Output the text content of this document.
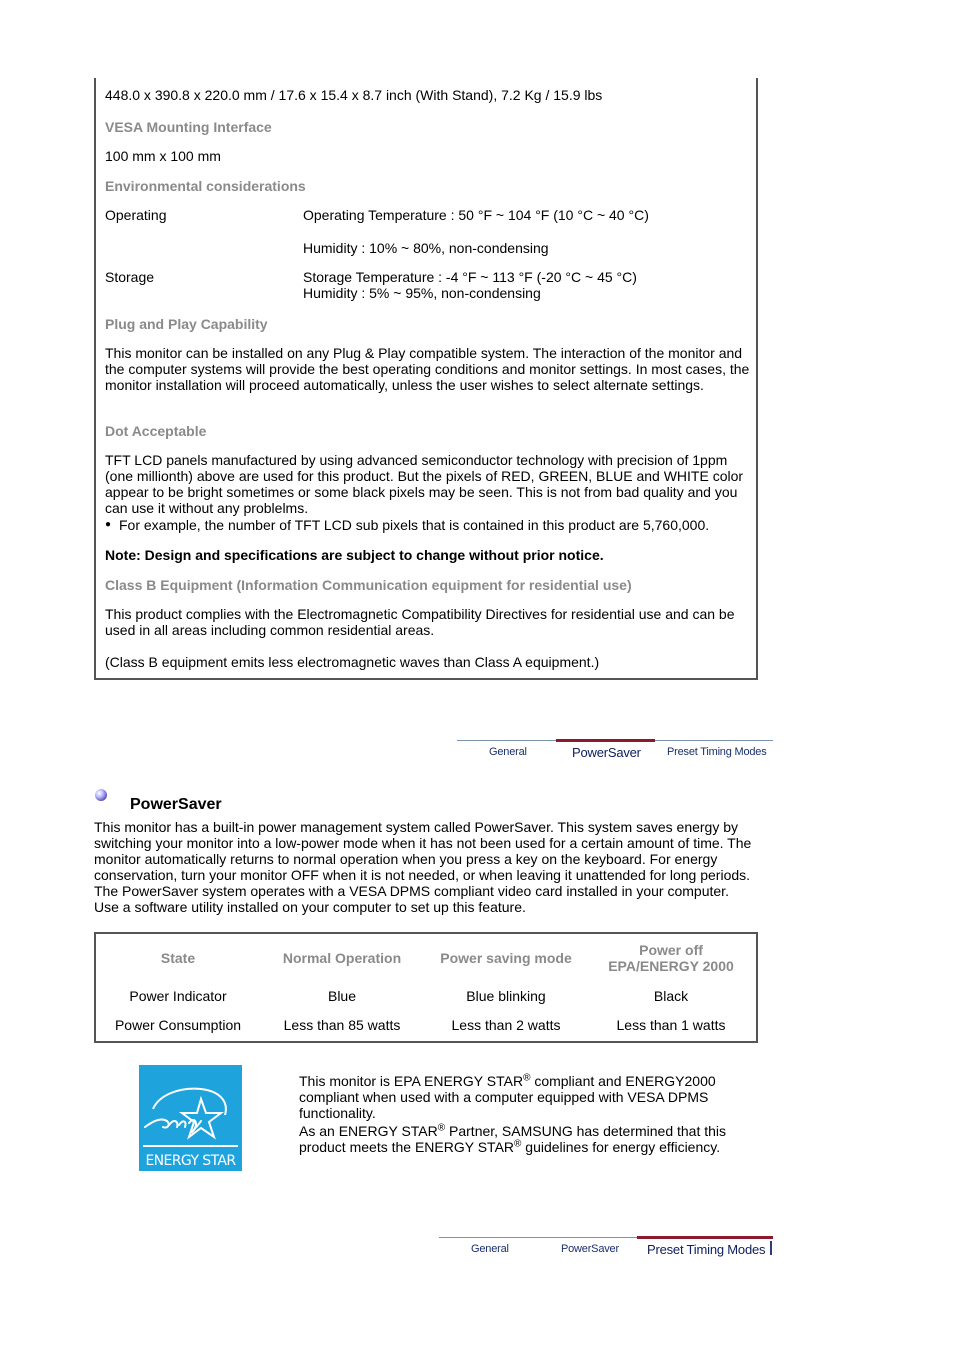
448.0 x 390.8 x 220.0 mm / 17.6 x 15.4 x 8.7 inch (With Stand), 7.2 Kg / 15.9 lbs
VESA Mounting Interface
100 mm x 100 mm
Environmental considerations
Operating	Operating Temperature : 50 °F ~ 104 °F (10 °C ~ 40 °C)
Humidity : 10% ~ 80%, non-condensing
Storage	Storage Temperature : -4 °F ~ 113 °F (-20 °C ~ 45 °C)
Humidity : 5% ~ 95%, non-condensing
Plug and Play Capability
This monitor can be installed on any Plug & Play compatible system. The interaction of the monitor and the computer systems will provide the best operating conditions and monitor settings. In most cases, the monitor installation will proceed automatically, unless the user wishes to select alternate settings.
Dot Acceptable
TFT LCD panels manufactured by using advanced semiconductor technology with precision of 1ppm (one millionth) above are used for this product. But the pixels of RED, GREEN, BLUE and WHITE color appear to be bright sometimes or some black pixels may be seen. This is not from bad quality and you can use it without any problelms.
● For example, the number of TFT LCD sub pixels that is contained in this product are 5,760,000.
Note: Design and specifications are subject to change without prior notice.
Class B Equipment (Information Communication equipment for residential use)
This product complies with the Electromagnetic Compatibility Directives for residential use and can be used in all areas including common residential areas.
(Class B equipment emits less electromagnetic waves than Class A equipment.)
General	PowerSaver Preset Timing Modes
PowerSaver
This monitor has a built-in power management system called PowerSaver. This system saves energy by switching your monitor into a low-power mode when it has not been used for a certain amount of time. The monitor automatically returns to normal operation when you press a key on the keyboard. For energy conservation, turn your monitor OFF when it is not needed, or when leaving it unattended for long periods. The PowerSaver system operates with a VESA DPMS compliant video card installed in your computer. Use a software utility installed on your computer to set up this feature.
State	Normal Operation	Power saving mode	Power off
EPA/ENERGY 2000
Power Indicator	Blue	Blue blinking	Black
Power Consumption	Less than 85 watts	Less than 2 watts	Less than 1 watts
ENERGY STAR
This monitor is EPA ENERGY STAR® compliant and ENERGY2000 compliant when used with a computer equipped with VESA DPMS functionality.
As an ENERGY STAR® Partner, SAMSUNG has determined that this product meets the ENERGY STAR® guidelines for energy efficiency.
General	PowerSaver Preset Timing Modes
